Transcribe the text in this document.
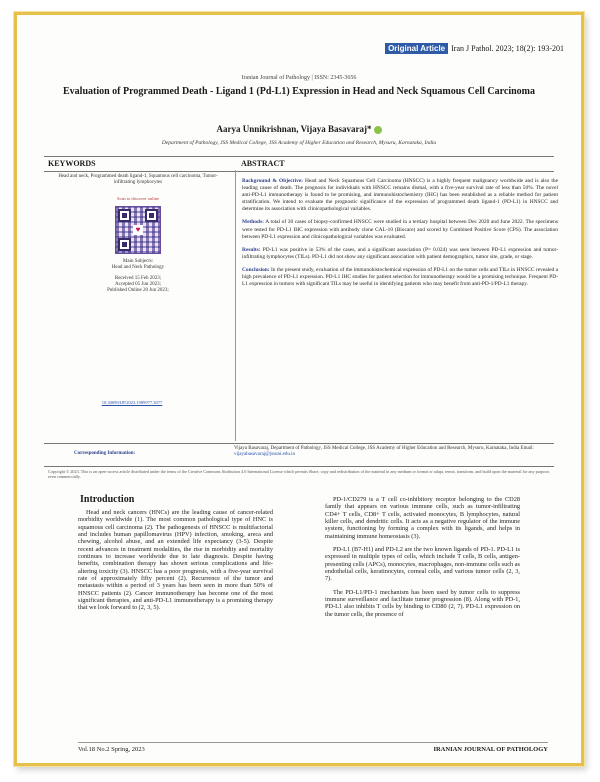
Original Article Iran J Pathol. 2023; 18(2): 193-201
Iranian Journal of Pathology | ISSN: 2345-3656
Evaluation of Programmed Death - Ligand 1 (Pd-L1) Expression in Head and Neck Squamous Cell Carcinoma
Aarya Unnikrishnan, Vijaya Basavaraj*
Department of Pathology, JSS Medical College, JSS Academy of Higher Education and Research, Mysuru, Karnataka, India
KEYWORDS	ABSTRACT
Head and neck, Programmed death ligand-1, Squamous cell carcinoma, Tumor-infiltrating lymphocytes
Scan to discover online
♥
Main Subjects:
Head and Neck Pathology
Received 15 Feb 2023;
Accepted 05 Jun 2023;
Published Online 20 Jun 2023;
10.30699/IJP.2023.1989977.3077

Background & Objective: Head and Neck Squamous Cell Carcinoma (HNSCC) is a highly frequent malignancy worldwide and is also the leading cause of death. The prognosis for individuals with HNSCC remains dismal, with a five-year survival rate of less than 50%. The novel anti-PD-L1 immunotherapy is found to be promising, and immunohistochemistry (IHC) has been established as a reliable method for patient stratification. We intend to evaluate the prognostic significance of the expression of programmed death ligand-1 (PD-L1) in HNSCC and determine its association with clinicopathological variables.

Methods: A total of 30 cases of biopsy-confirmed HNSCC were studied in a tertiary hospital between Dec 2020 and June 2022. The specimens were tested for PD-L1 IHC expression with antibody clone CAL-10 (Biocare) and scored by Combined Positive Score (CPS). The association between PD-L1 expression and clinicopathological variables was evaluated.

Results: PD-L1 was positive in 53% of the cases, and a significant association (P= 0.024) was seen between PD-L1 expression and tumor-infiltrating lymphocytes (TILs). PD-L1 did not show any significant association with patient demographics, tumor site, grade, or stage.

Conclusion: In the present study, evaluation of the immunohistochemical expression of PD-L1 on the tumor cells and TILs in HNSCC revealed a high prevalence of PD-L1 expression. PD-L1 IHC studies for patient selection for immunotherapy would be a promising technique. Frequent PD-L1 expression in tumors with significant TILs may be useful in identifying patients who may benefit from anti-PD-1/PD-L1 therapy.

Corresponding Information:
Vijaya Basavaraj, Department of Pathology, JSS Medical College, JSS Academy of Higher Education and Research, Mysuru, Karnataka, India Email: vijayabasavaraj@jssuni.edu.in
Copyright © 2023. This is an open-access article distributed under the terms of the Creative Commons Attribution 4.0 International License which permits Share, copy and redistribution of the material in any medium or format or adapt, remix, transform, and build upon the material for any purpose, even commercially.
Introduction

Head and neck cancers (HNCs) are the leading cause of cancer-related morbidity worldwide (1). The most common pathological type of HNC is squamous cell carcinoma (2). The pathogenesis of HNSCC is multifactorial and includes human papillomavirus (HPV) infection, smoking, areca and chewing, alcohol abuse, and an extended life expectancy (3-5). Despite recent advances in treatment modalities, the rise in morbidity and mortality continues to increase worldwide due to late diagnosis. Despite having benefits, combination therapy has shown serious complications and life-altering toxicity (3). HNSCC has a poor prognosis, with a five-year survival rate of approximately fifty percent (2). Recurrence of the tumor and metastasis within a period of 3 years has been seen in more than 50% of HNSCC patients (2). Cancer immunotherapy has become one of the most significant therapies, and anti-PD-L1 immunotherapy is a promising therapy that we look forward to (2, 3, 5).

PD-1/CD279 is a T cell co-inhibitory receptor belonging to the CD28 family that appears on various immune cells, such as tumor-infiltrating CD4+ T cells, CD8+ T cells, activated monocytes, B lymphocytes, natural killer cells, and dendritic cells. It acts as a negative regulator of the immune system, functioning by forming a complex with its ligands, and helps in maintaining immune homeostasis (3).

PD-L1 (B7-H1) and PD-L2 are the two known ligands of PD-1. PD-L1 is expressed in multiple types of cells, which include T cells, B cells, antigen-presenting cells (APCs), monocytes, macrophages, non-immune cells such as endothelial cells, keratinocytes, corneal cells, and various tumor cells (2, 3, 7).

The PD-L1/PD-1 mechanism has been used by tumor cells to suppress immune surveillance and facilitate tumor progression (8). Along with PD-1, PD-L1 also inhibits T cells by binding to CD80 (2, 7). PD-L1 expression on the tumor cells, the presence of

Vol.18 No.2 Spring, 2023	IRANIAN JOURNAL OF PATHOLOGY
